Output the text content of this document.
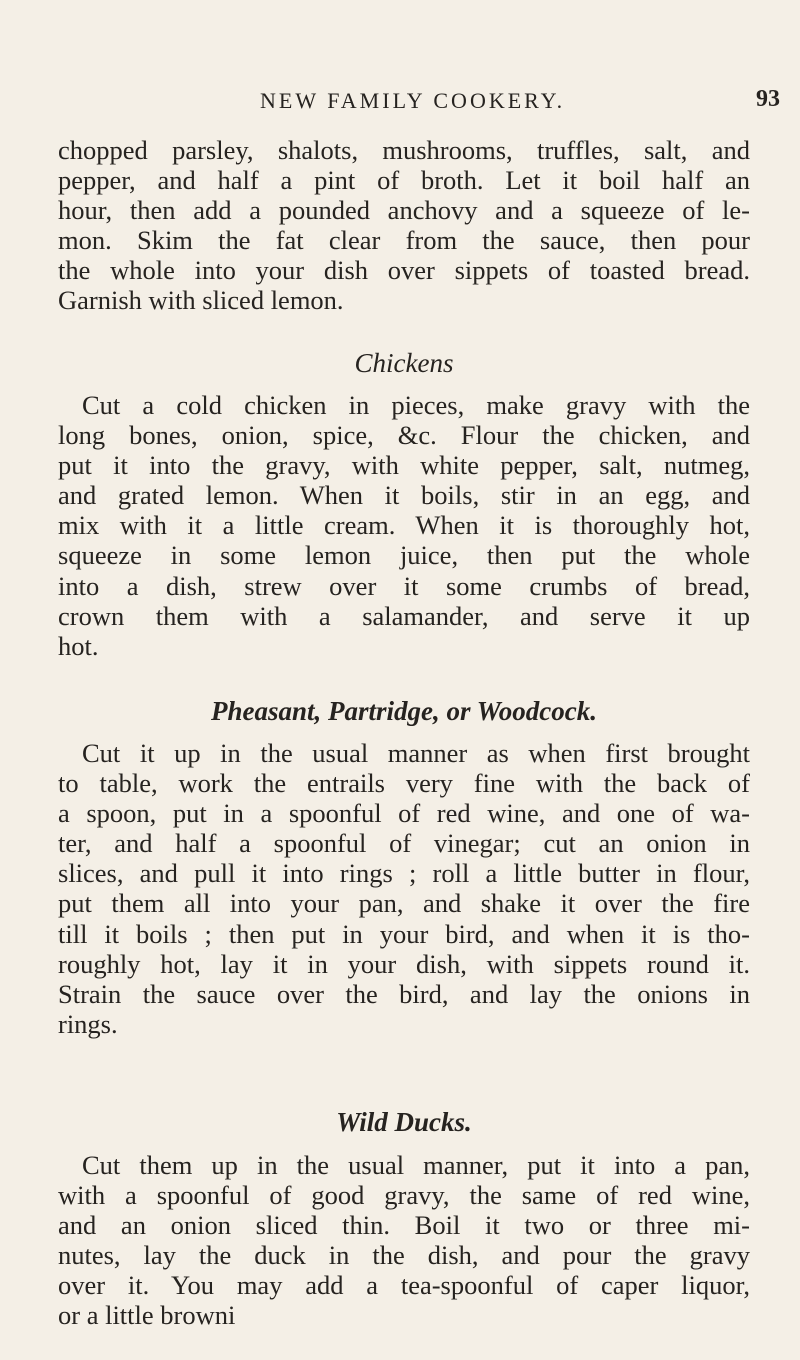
NEW FAMILY COOKERY.	93
chopped parsley, shalots, mushrooms, truffles, salt, and
pepper, and half a pint of broth. Let it boil half an
hour, then add a pounded anchovy and a squeeze of le-
mon. Skim the fat clear from the sauce, then pour
the whole into your dish over sippets of toasted bread.
Garnish with sliced lemon.
Chickens
Cut a cold chicken in pieces, make gravy with the
long bones, onion, spice, &c. Flour the chicken, and
put it into the gravy, with white pepper, salt, nutmeg,
and grated lemon. When it boils, stir in an egg, and
mix with it a little cream. When it is thoroughly hot,
squeeze in some lemon juice, then put the whole
into a dish, strew over it some crumbs of bread,
crown them with a salamander, and serve it up
hot.
Pheasant, Partridge, or Woodcock.
Cut it up in the usual manner as when first brought
to table, work the entrails very fine with the back of
a spoon, put in a spoonful of red wine, and one of wa-
ter, and half a spoonful of vinegar; cut an onion in
slices, and pull it into rings ; roll a little butter in flour,
put them all into your pan, and shake it over the fire
till it boils ; then put in your bird, and when it is tho-
roughly hot, lay it in your dish, with sippets round it.
Strain the sauce over the bird, and lay the onions in
rings.
Wild Ducks.
Cut them up in the usual manner, put it into a pan,
with a spoonful of good gravy, the same of red wine,
and an onion sliced thin. Boil it two or three mi-
nutes, lay the duck in the dish, and pour the gravy
over it. You may add a tea-spoonful of caper liquor,
or a little browni
